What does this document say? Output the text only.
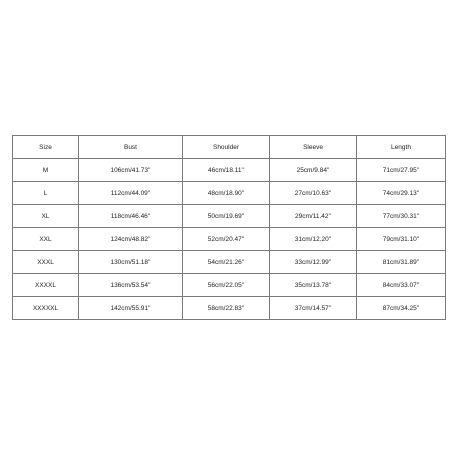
Size	Bust	Shoulder	Sleeve	Length
M	106cm/41.73''	46cm/18.11''	25cm/9.84''	71cm/27.95''
L	112cm/44.09''	48cm/18.90''	27cm/10.63''	74cm/29.13''
XL	118cm/46.46''	50cm/19.69''	29cm/11.42''	77cm/30.31''
XXL	124cm/48.82''	52cm/20.47''	31cm/12.20''	79cm/31.10''
XXXL	130cm/51.18''	54cm/21.26''	33cm/12.99''	81cm/31.89''
XXXXL	136cm/53.54''	56cm/22.05''	35cm/13.78''	84cm/33.07''
XXXXXL	142cm/55.91''	58cm/22.83''	37cm/14.57''	87cm/34.25''
